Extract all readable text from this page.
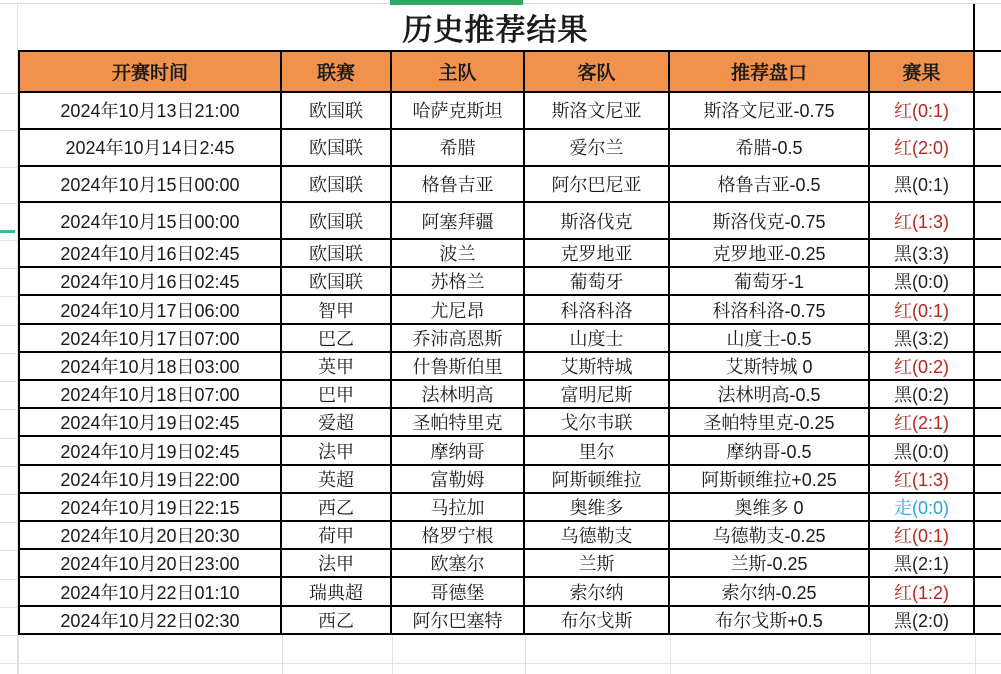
历史推荐结果
开赛时间	联赛	主队	客队	推荐盘口	赛果
2024年10月13日21:00	欧国联	哈萨克斯坦	斯洛文尼亚	斯洛文尼亚-0.75	红(0:1)
2024年10月14日2:45	欧国联	希腊	爱尔兰	希腊-0.5	红(2:0)
2024年10月15日00:00	欧国联	格鲁吉亚	阿尔巴尼亚	格鲁吉亚-0.5	黑(0:1)
2024年10月15日00:00	欧国联	阿塞拜疆	斯洛伐克	斯洛伐克-0.75	红(1:3)
2024年10月16日02:45	欧国联	波兰	克罗地亚	克罗地亚-0.25	黑(3:3)
2024年10月16日02:45	欧国联	苏格兰	葡萄牙	葡萄牙-1	黑(0:0)
2024年10月17日06:00	智甲	尤尼昂	科洛科洛	科洛科洛-0.75	红(0:1)
2024年10月17日07:00	巴乙	乔沛高恩斯	山度士	山度士-0.5	黑(3:2)
2024年10月18日03:00	英甲	什鲁斯伯里	艾斯特城	艾斯特城 0	红(0:2)
2024年10月18日07:00	巴甲	法林明高	富明尼斯	法林明高-0.5	黑(0:2)
2024年10月19日02:45	爱超	圣帕特里克	戈尔韦联	圣帕特里克-0.25	红(2:1)
2024年10月19日02:45	法甲	摩纳哥	里尔	摩纳哥-0.5	黑(0:0)
2024年10月19日22:00	英超	富勒姆	阿斯顿维拉	阿斯顿维拉+0.25	红(1:3)
2024年10月19日22:15	西乙	马拉加	奥维多	奥维多 0	走(0:0)
2024年10月20日20:30	荷甲	格罗宁根	乌德勒支	乌德勒支-0.25	红(0:1)
2024年10月20日23:00	法甲	欧塞尔	兰斯	兰斯-0.25	黑(2:1)
2024年10月22日01:10	瑞典超	哥德堡	索尔纳	索尔纳-0.25	红(1:2)
2024年10月22日02:30	西乙	阿尔巴塞特	布尔戈斯	布尔戈斯+0.5	黑(2:0)
